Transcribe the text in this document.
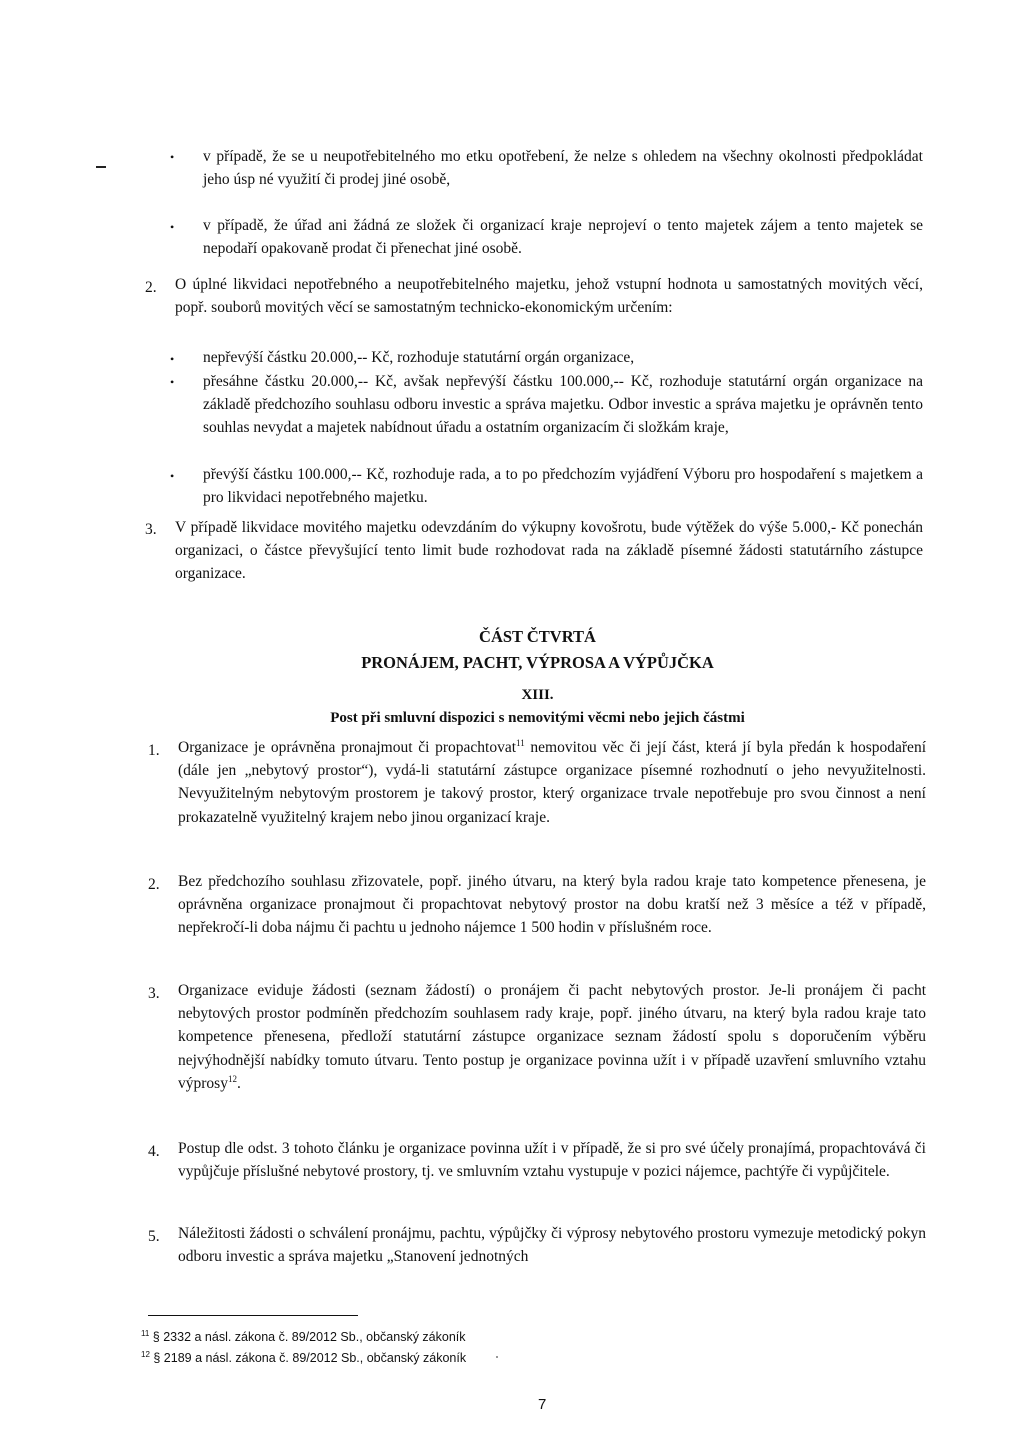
• v případě, že se u neupotřebitelného mo etku opotřebení, že nelze s ohledem na všechny okolnosti předpokládat jeho úsp né využití či prodej jiné osobě,

• v případě, že úřad ani žádná ze složek či organizací kraje neprojeví o tento majetek zájem a tento majetek se nepodaří opakovaně prodat či přenechat jiné osobě.

2. O úplné likvidaci nepotřebného a neupotřebitelného majetku, jehož vstupní hodnota u samostatných movitých věcí, popř. souborů movitých věcí se samostatným technicko-ekonomickým určením:

• nepřevýší částku 20.000,-- Kč, rozhoduje statutární orgán organizace,

• přesáhne částku 20.000,-- Kč, avšak nepřevýší částku 100.000,-- Kč, rozhoduje statutární orgán organizace na základě předchozího souhlasu odboru investic a správa majetku. Odbor investic a správa majetku je oprávněn tento souhlas nevydat a majetek nabídnout úřadu a ostatním organizacím či složkám kraje,

• převýší částku 100.000,-- Kč, rozhoduje rada, a to po předchozím vyjádření Výboru pro hospodaření s majetkem a pro likvidaci nepotřebného majetku.

3. V případě likvidace movitého majetku odevzdáním do výkupny kovošrotu, bude výtěžek do výše 5.000,- Kč ponechán organizaci, o částce převyšující tento limit bude rozhodovat rada na základě písemné žádosti statutárního zástupce organizace.

ČÁST ČTVRTÁ

PRONÁJEM, PACHT, VÝPROSA A VÝPŮJČKA

XIII.

Post při smluvní dispozici s nemovitými věcmi nebo jejich částmi

1. Organizace je oprávněna pronajmout či propachtovat$^{11}$ nemovitou věc či její část, která jí byla předán k hospodaření (dále jen „nebytový prostor“), vydá-li statutární zástupce organizace písemné rozhodnutí o jeho nevyužitelnosti. Nevyužitelným nebytovým prostorem je takový prostor, který organizace trvale nepotřebuje pro svou činnost a není prokazatelně využitelný krajem nebo jinou organizací kraje.

2. Bez předchozího souhlasu zřizovatele, popř. jiného útvaru, na který byla radou kraje tato kompetence přenesena, je oprávněna organizace pronajmout či propachtovat nebytový prostor na dobu kratší než 3 měsíce a též v případě, nepřekročí-li doba nájmu či pachtu u jednoho nájemce 1 500 hodin v příslušném roce.

3. Organizace eviduje žádosti (seznam žádostí) o pronájem či pacht nebytových prostor. Je-li pronájem či pacht nebytových prostor podmíněn předchozím souhlasem rady kraje, popř. jiného útvaru, na který byla radou kraje tato kompetence přenesena, předloží statutární zástupce organizace seznam žádostí spolu s doporučením výběru nejvýhodnější nabídky tomuto útvaru. Tento postup je organizace povinna užít i v případě uzavření smluvního vztahu výprosy$^{12}$.

4. Postup dle odst. 3 tohoto článku je organizace povinna užít i v případě, že si pro své účely pronajímá, propachtovává či vypůjčuje příslušné nebytové prostory, tj. ve smluvním vztahu vystupuje v pozici nájemce, pachtýře či vypůjčitele.

5. Náležitosti žádosti o schválení pronájmu, pachtu, výpůjčky či výprosy nebytového prostoru vymezuje metodický pokyn odboru investic a správa majetku „Stanovení jednotných

$^{11}$ § 2332 a násl. zákona č. 89/2012 Sb., občanský zákoník
$^{12}$ § 2189 a násl. zákona č. 89/2012 Sb., občanský zákoník
7
